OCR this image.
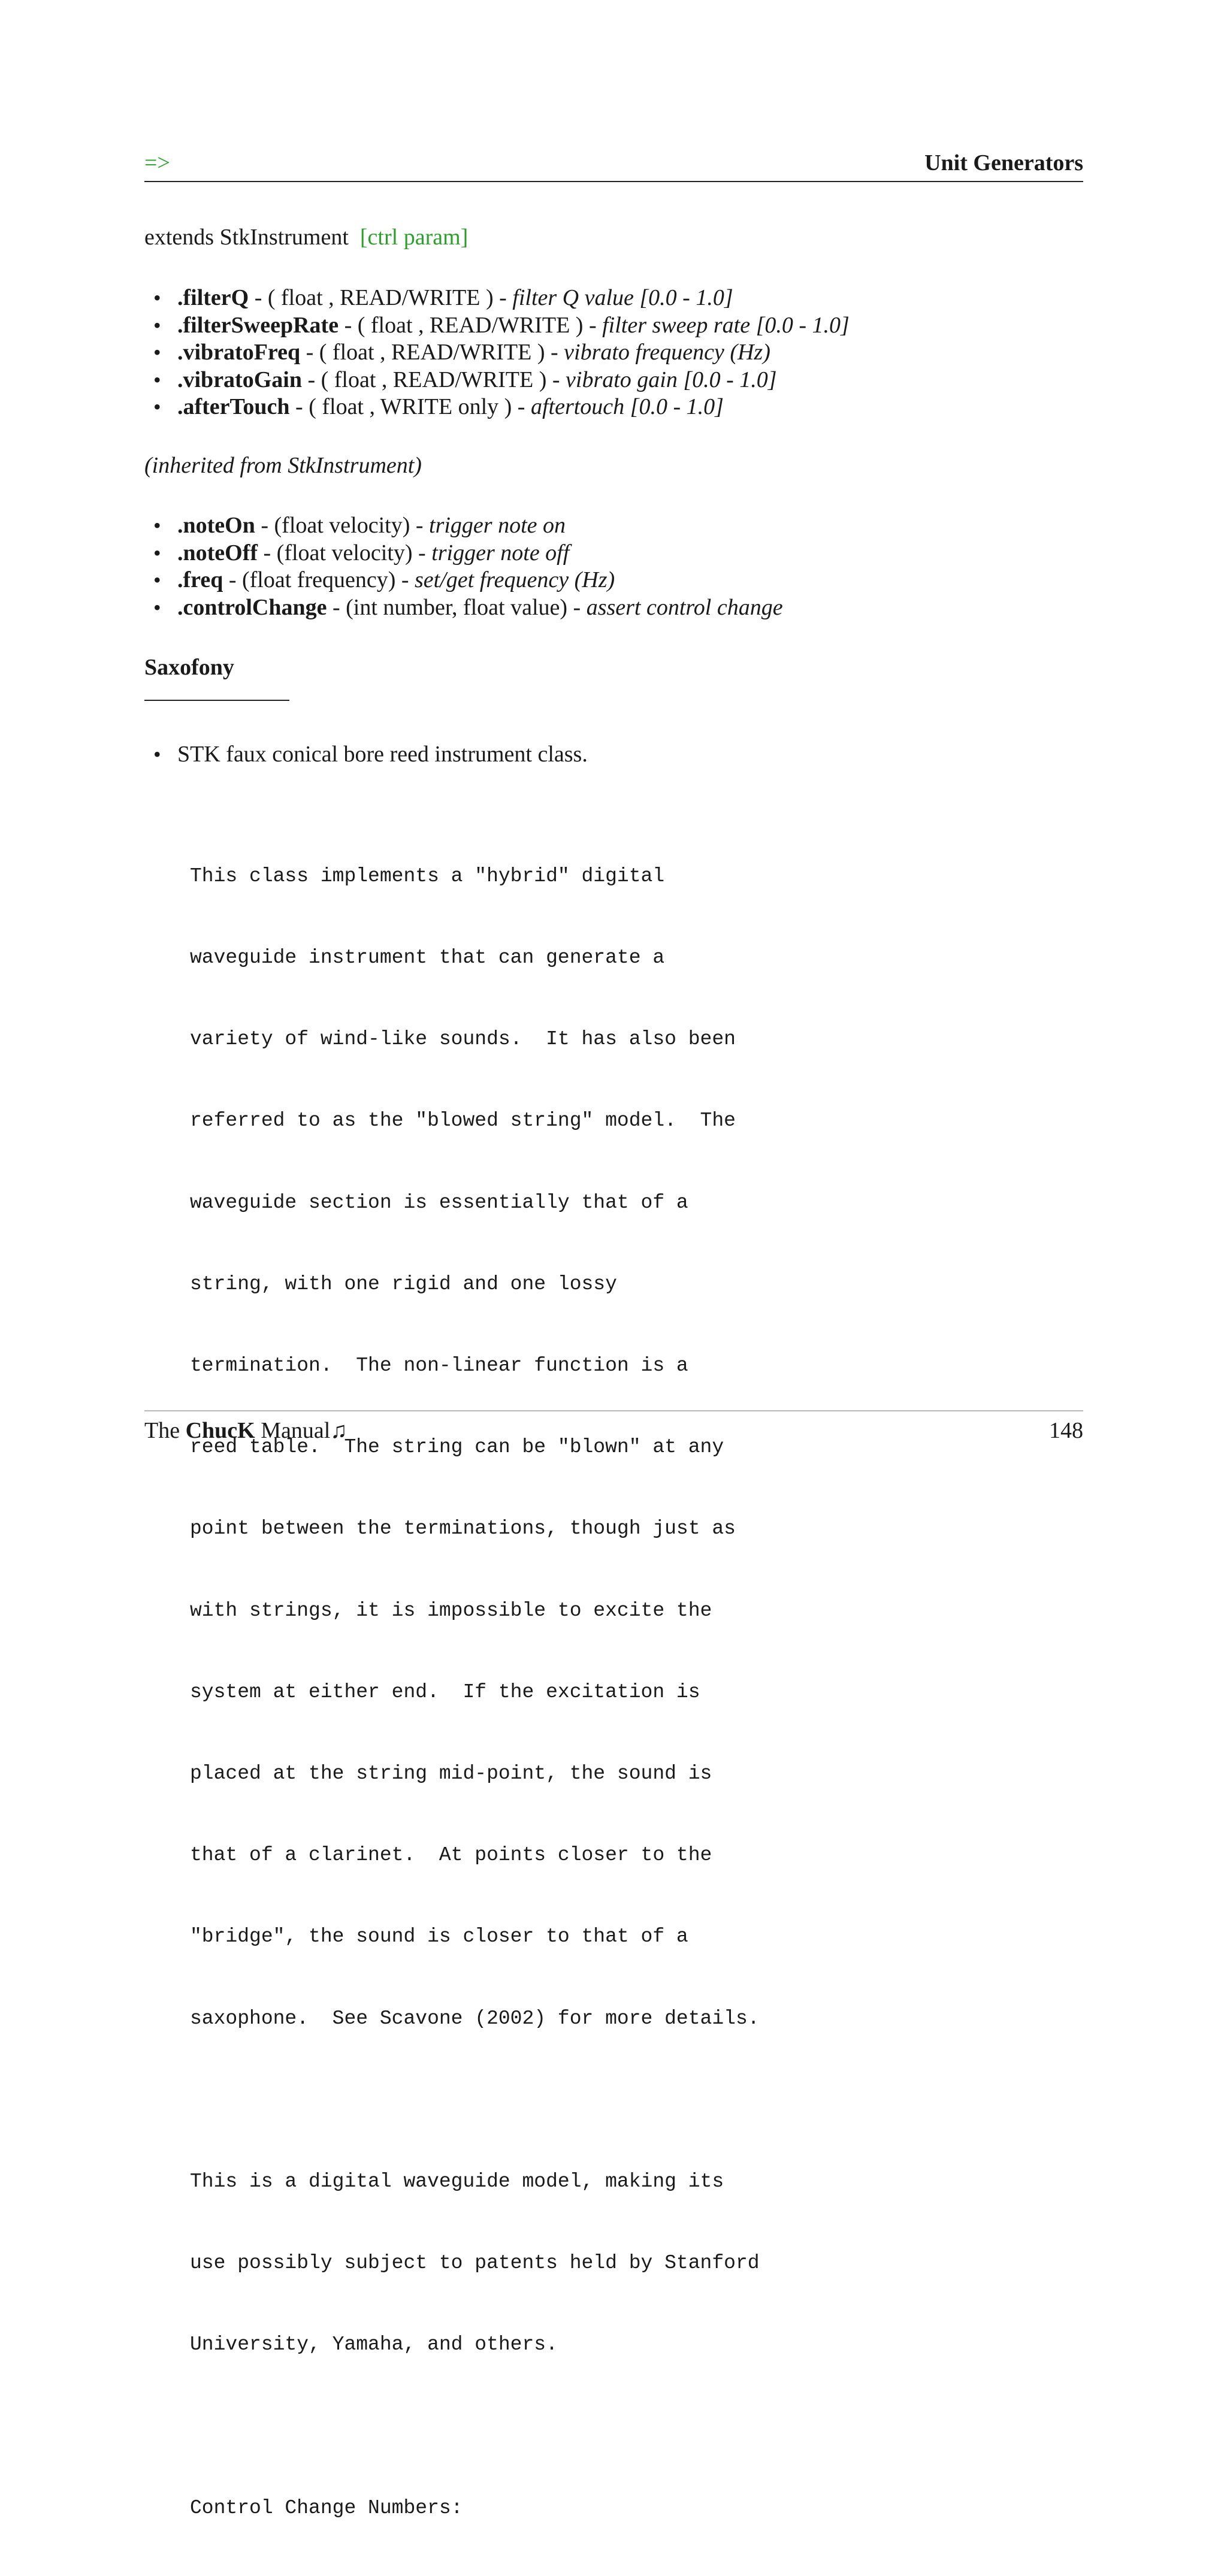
=>	Unit Generators
extends StkInstrument [ctrl param]
• .filterQ - ( float , READ/WRITE ) - filter Q value [0.0 - 1.0]
• .filterSweepRate - ( float , READ/WRITE ) - filter sweep rate [0.0 - 1.0]
• .vibratoFreq - ( float , READ/WRITE ) - vibrato frequency (Hz)
• .vibratoGain - ( float , READ/WRITE ) - vibrato gain [0.0 - 1.0]
• .afterTouch - ( float , WRITE only ) - aftertouch [0.0 - 1.0]
(inherited from StkInstrument)
• .noteOn - (float velocity) - trigger note on
• .noteOff - (float velocity) - trigger note off
• .freq - (float frequency) - set/get frequency (Hz)
• .controlChange - (int number, float value) - assert control change
Saxofony
• STK faux conical bore reed instrument class.

This class implements a "hybrid" digital

waveguide instrument that can generate a

variety of wind-like sounds.  It has also been

referred to as the "blowed string" model.  The

waveguide section is essentially that of a

string, with one rigid and one lossy

termination.  The non-linear function is a

reed table.  The string can be "blown" at any

point between the terminations, though just as

with strings, it is impossible to excite the

system at either end.  If the excitation is

placed at the string mid-point, the sound is

that of a clarinet.  At points closer to the

"bridge", the sound is closer to that of a

saxophone.  See Scavone (2002) for more details.

This is a digital waveguide model, making its

use possibly subject to patents held by Stanford

University, Yamaha, and others.

Control Change Numbers:

The ChucK Manual♫	148
